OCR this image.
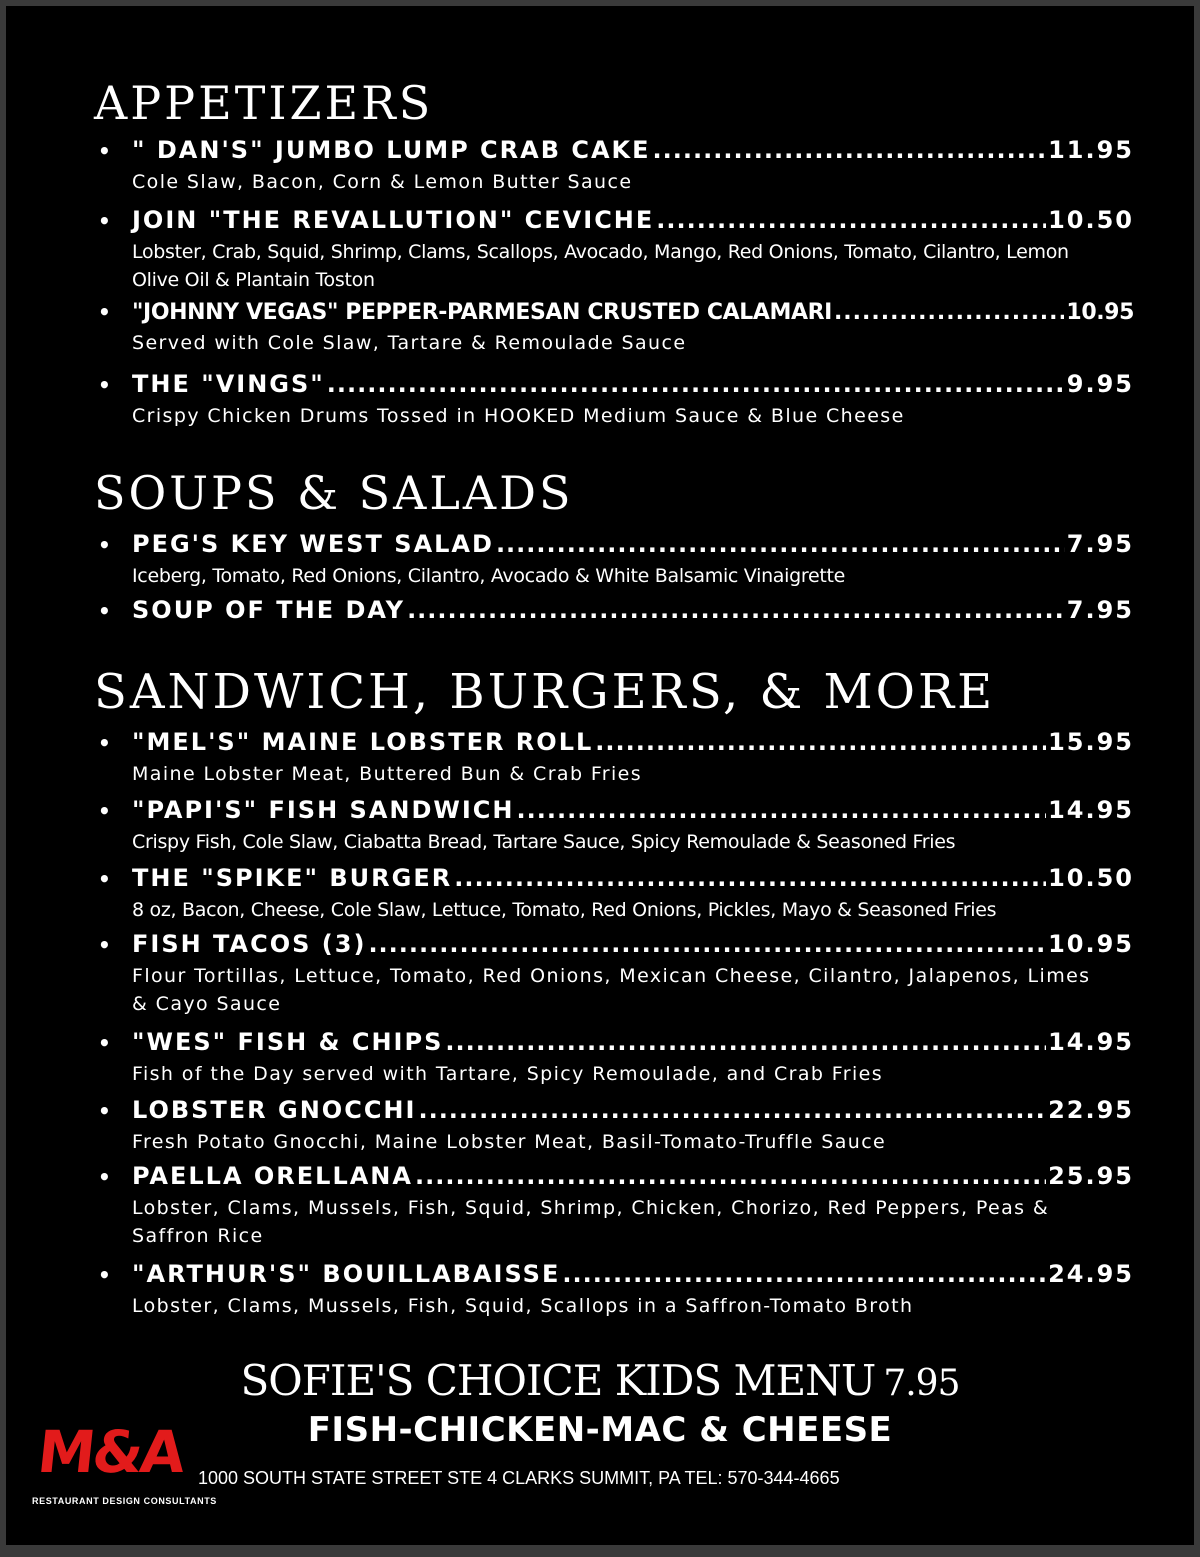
APPETIZERS
• " DAN'S" JUMBO LUMP CRAB CAKE .....	11.95
Cole Slaw, Bacon, Corn & Lemon Butter Sauce
• JOIN "THE REVALLUTION" CEVICHE .....	10.50
Lobster, Crab, Squid, Shrimp, Clams, Scallops, Avocado, Mango, Red Onions, Tomato, Cilantro, Lemon Olive Oil & Plantain Toston
• "JOHNNY VEGAS" PEPPER-PARMESAN CRUSTED CALAMARI .....	10.95
Served with Cole Slaw, Tartare & Remoulade Sauce
• THE "VINGS" .....	9.95
Crispy Chicken Drums Tossed in HOOKED Medium Sauce & Blue Cheese
SOUPS & SALADS
• PEG'S KEY WEST SALAD .....	7.95
Iceberg, Tomato, Red Onions, Cilantro, Avocado & White Balsamic Vinaigrette
• SOUP OF THE DAY .....	7.95
SANDWICH, BURGERS, & MORE
• "MEL'S" MAINE LOBSTER ROLL .....	15.95
Maine Lobster Meat, Buttered Bun & Crab Fries
• "PAPI'S" FISH SANDWICH .....	14.95
Crispy Fish, Cole Slaw, Ciabatta Bread, Tartare Sauce, Spicy Remoulade & Seasoned Fries
• THE "SPIKE" BURGER .....	10.50
8 oz, Bacon, Cheese, Cole Slaw, Lettuce, Tomato, Red Onions, Pickles, Mayo & Seasoned Fries
• FISH TACOS (3) .....	10.95
Flour Tortillas, Lettuce, Tomato, Red Onions, Mexican Cheese, Cilantro, Jalapenos, Limes & Cayo Sauce
• "WES" FISH & CHIPS .....	14.95
Fish of the Day served with Tartare, Spicy Remoulade, and Crab Fries
• LOBSTER GNOCCHI .....	22.95
Fresh Potato Gnocchi, Maine Lobster Meat, Basil-Tomato-Truffle Sauce
• PAELLA ORELLANA .....	25.95
Lobster, Clams, Mussels, Fish, Squid, Shrimp, Chicken, Chorizo, Red Peppers, Peas & Saffron Rice
• "ARTHUR'S" BOUILLABAISSE .....	24.95
Lobster, Clams, Mussels, Fish, Squid, Scallops in a Saffron-Tomato Broth
SOFIE'S CHOICE KIDS MENU 7.95
FISH-CHICKEN-MAC & CHEESE
M&A
RESTAURANT DESIGN CONSULTANTS
1000 SOUTH STATE STREET STE 4 CLARKS SUMMIT, PA TEL: 570-344-4665
